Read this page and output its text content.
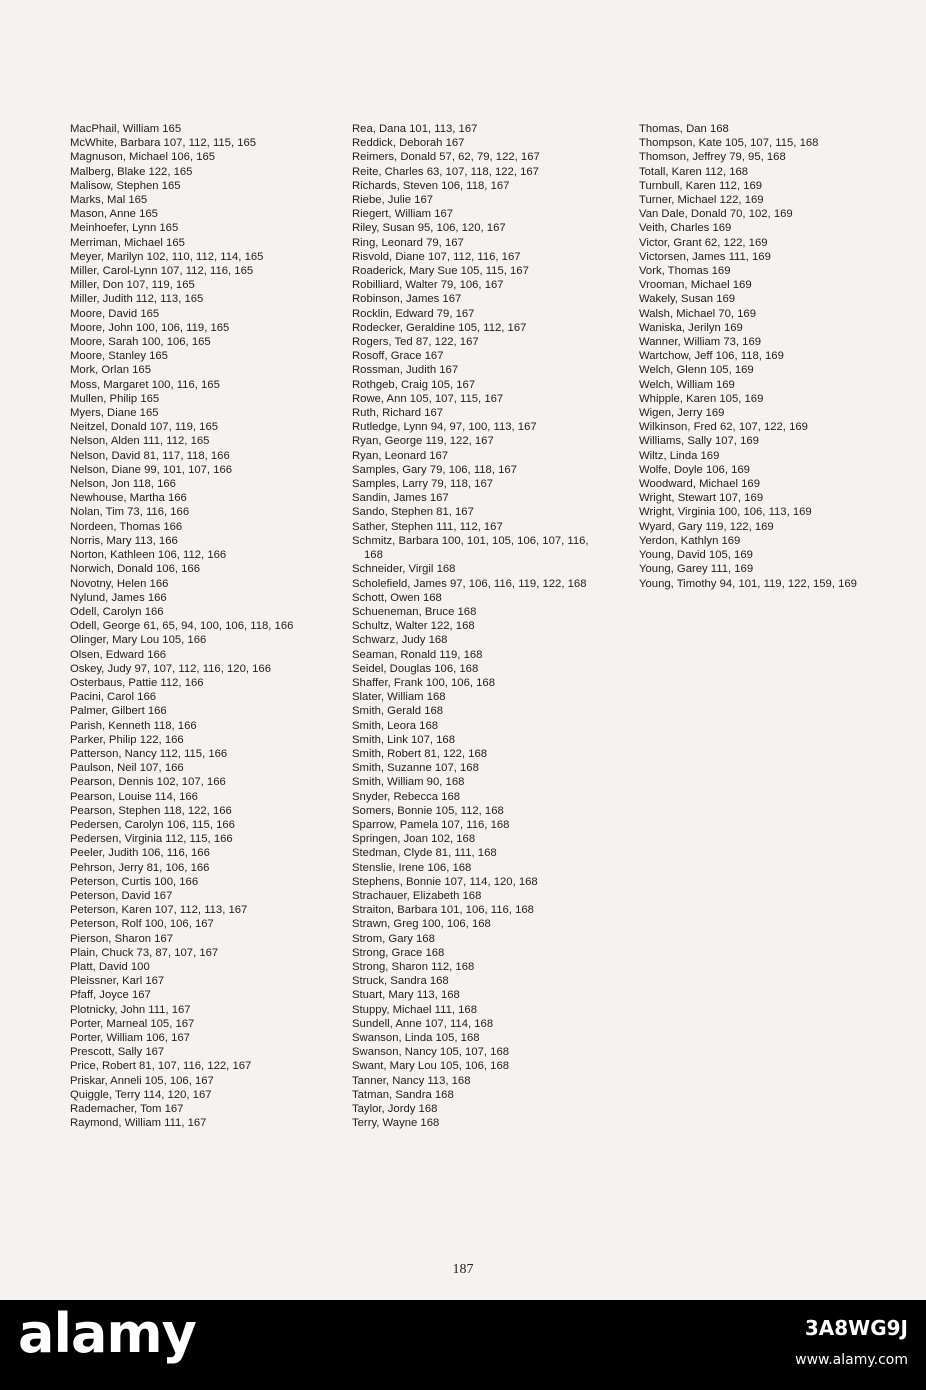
MacPhail, William 165
McWhite, Barbara 107, 112, 115, 165
Magnuson, Michael 106, 165
Malberg, Blake 122, 165
Malisow, Stephen 165
Marks, Mal 165
Mason, Anne 165
Meinhoefer, Lynn 165
Merriman, Michael 165
Meyer, Marilyn 102, 110, 112, 114, 165
Miller, Carol-Lynn 107, 112, 116, 165
Miller, Don 107, 119, 165
Miller, Judith 112, 113, 165
Moore, David 165
Moore, John 100, 106, 119, 165
Moore, Sarah 100, 106, 165
Moore, Stanley 165
Mork, Orlan 165
Moss, Margaret 100, 116, 165
Mullen, Philip 165
Myers, Diane 165
Neitzel, Donald 107, 119, 165
Nelson, Alden 111, 112, 165
Nelson, David 81, 117, 118, 166
Nelson, Diane 99, 101, 107, 166
Nelson, Jon 118, 166
Newhouse, Martha 166
Nolan, Tim 73, 116, 166
Nordeen, Thomas 166
Norris, Mary 113, 166
Norton, Kathleen 106, 112, 166
Norwich, Donald 106, 166
Novotny, Helen 166
Nylund, James 166
Odell, Carolyn 166
Odell, George 61, 65, 94, 100, 106, 118, 166
Olinger, Mary Lou 105, 166
Olsen, Edward 166
Oskey, Judy 97, 107, 112, 116, 120, 166
Osterbaus, Pattie 112, 166
Pacini, Carol 166
Palmer, Gilbert 166
Parish, Kenneth 118, 166
Parker, Philip 122, 166
Patterson, Nancy 112, 115, 166
Paulson, Neil 107, 166
Pearson, Dennis 102, 107, 166
Pearson, Louise 114, 166
Pearson, Stephen 118, 122, 166
Pedersen, Carolyn 106, 115, 166
Pedersen, Virginia 112, 115, 166
Peeler, Judith 106, 116, 166
Pehrson, Jerry 81, 106, 166
Peterson, Curtis 100, 166
Peterson, David 167
Peterson, Karen 107, 112, 113, 167
Peterson, Rolf 100, 106, 167
Pierson, Sharon 167
Plain, Chuck 73, 87, 107, 167
Platt, David 100
Pleissner, Karl 167
Pfaff, Joyce 167
Plotnicky, John 111, 167
Porter, Marneal 105, 167
Porter, William 106, 167
Prescott, Sally 167
Price, Robert 81, 107, 116, 122, 167
Priskar, Anneli 105, 106, 167
Quiggle, Terry 114, 120, 167
Rademacher, Tom 167
Raymond, William 111, 167
Rea, Dana 101, 113, 167
Reddick, Deborah 167
Reimers, Donald 57, 62, 79, 122, 167
Reite, Charles 63, 107, 118, 122, 167
Richards, Steven 106, 118, 167
Riebe, Julie 167
Riegert, William 167
Riley, Susan 95, 106, 120, 167
Ring, Leonard 79, 167
Risvold, Diane 107, 112, 116, 167
Roaderick, Mary Sue 105, 115, 167
Robilliard, Walter 79, 106, 167
Robinson, James 167
Rocklin, Edward 79, 167
Rodecker, Geraldine 105, 112, 167
Rogers, Ted 87, 122, 167
Rosoff, Grace 167
Rossman, Judith 167
Rothgeb, Craig 105, 167
Rowe, Ann 105, 107, 115, 167
Ruth, Richard 167
Rutledge, Lynn 94, 97, 100, 113, 167
Ryan, George 119, 122, 167
Ryan, Leonard 167
Samples, Gary 79, 106, 118, 167
Samples, Larry 79, 118, 167
Sandin, James 167
Sando, Stephen 81, 167
Sather, Stephen 111, 112, 167
Schmitz, Barbara 100, 101, 105, 106, 107, 116, 168
Schneider, Virgil 168
Scholefield, James 97, 106, 116, 119, 122, 168
Schott, Owen 168
Schueneman, Bruce 168
Schultz, Walter 122, 168
Schwarz, Judy 168
Seaman, Ronald 119, 168
Seidel, Douglas 106, 168
Shaffer, Frank 100, 106, 168
Slater, William 168
Smith, Gerald 168
Smith, Leora 168
Smith, Link 107, 168
Smith, Robert 81, 122, 168
Smith, Suzanne 107, 168
Smith, William 90, 168
Snyder, Rebecca 168
Somers, Bonnie 105, 112, 168
Sparrow, Pamela 107, 116, 168
Springen, Joan 102, 168
Stedman, Clyde 81, 111, 168
Stenslie, Irene 106, 168
Stephens, Bonnie 107, 114, 120, 168
Strachauer, Elizabeth 168
Straiton, Barbara 101, 106, 116, 168
Strawn, Greg 100, 106, 168
Strom, Gary 168
Strong, Grace 168
Strong, Sharon 112, 168
Struck, Sandra 168
Stuart, Mary 113, 168
Stuppy, Michael 111, 168
Sundell, Anne 107, 114, 168
Swanson, Linda 105, 168
Swanson, Nancy 105, 107, 168
Swant, Mary Lou 105, 106, 168
Tanner, Nancy 113, 168
Tatman, Sandra 168
Taylor, Jordy 168
Terry, Wayne 168
Thomas, Dan 168
Thompson, Kate 105, 107, 115, 168
Thomson, Jeffrey 79, 95, 168
Totall, Karen 112, 168
Turnbull, Karen 112, 169
Turner, Michael 122, 169
Van Dale, Donald 70, 102, 169
Veith, Charles 169
Victor, Grant 62, 122, 169
Victorsen, James 111, 169
Vork, Thomas 169
Vrooman, Michael 169
Wakely, Susan 169
Walsh, Michael 70, 169
Waniska, Jerilyn 169
Wanner, William 73, 169
Wartchow, Jeff 106, 118, 169
Welch, Glenn 105, 169
Welch, William 169
Whipple, Karen 105, 169
Wigen, Jerry 169
Wilkinson, Fred 62, 107, 122, 169
Williams, Sally 107, 169
Wiltz, Linda 169
Wolfe, Doyle 106, 169
Woodward, Michael 169
Wright, Stewart 107, 169
Wright, Virginia 100, 106, 113, 169
Wyard, Gary 119, 122, 169
Yerdon, Kathlyn 169
Young, David 105, 169
Young, Garey 111, 169
Young, Timothy 94, 101, 119, 122, 159, 169
187
alamy	3A8WG9J
www.alamy.com
